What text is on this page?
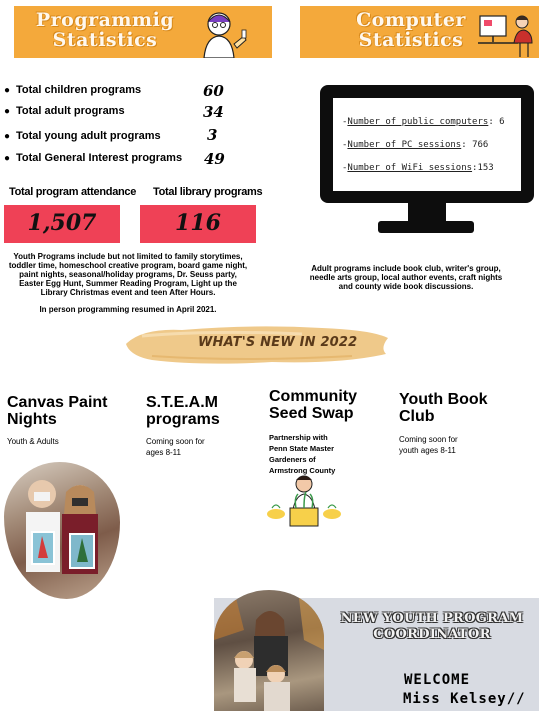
Programmig Statistics
Computer Statistics
● Total children programs	60
● Total adult programs	34
● Total young adult programs	3
● Total General Interest programs 49
Total program attendance Total library programs
1,507	116
Youth Programs include but not limited to family storytimes, toddler time, homeschool creative program, board game night, paint nights, seasonal/holiday programs, Dr. Seuss party, Easter Egg Hunt, Summer Reading Program, Light up the Library Christmas event and teen After Hours.
In person programming resumed in April 2021.
-Number of public computers: 6
-Number of PC sessions: 766
-Number of WiFi sessions:153
Adult programs include book club, writer's group, needle arts group, local author events, craft nights and county wide book discussions.
WHAT'S NEW IN 2022
Canvas Paint Nights
Youth & Adults
S.T.E.A.M programs
Coming soon for ages 8-11
Community Seed Swap
Partnership with Penn State Master Gardeners of Armstrong County
Youth Book Club
Coming soon for youth ages 8-11
NEW YOUTH PROGRAM COORDINATOR
WELCOME
Miss Kelsey//
